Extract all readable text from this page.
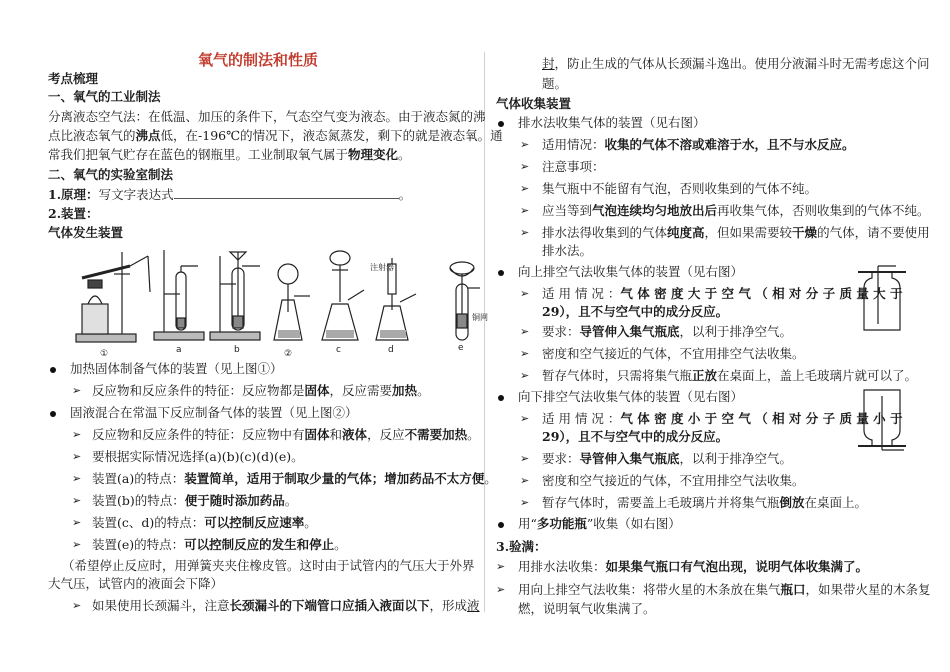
氧气的制法和性质
考点梳理
一、氧气的工业制法
分离液态空气法：在低温、加压的条件下，气态空气变为液态。由于液态氮的沸
点比液态氧气的沸点低，在-196℃的情况下，液态氮蒸发，剩下的就是液态氧。通
常我们把氧气贮存在蓝色的钢瓶里。工业制取氧气属于物理变化。
二、氧气的实验室制法
1.原理：写文字表达式	。
2.装置：
气体发生装置
①	a	b	②	c	d	e
注射器
铜网
加热固体制备气体的装置（见上图①）
➢ 反应物和反应条件的特征：反应物都是固体，反应需要加热。
固液混合在常温下反应制备气体的装置（见上图②）
➢ 反应物和反应条件的特征：反应物中有固体和液体，反应不需要加热。
➢ 要根据实际情况选择(a)(b)(c)(d)(e)。
➢ 装置(a)的特点：装置简单，适用于制取少量的气体；增加药品不太方便。
➢ 装置(b)的特点：便于随时添加药品。
➢ 装置(c、d)的特点：可以控制反应速率。
➢ 装置(e)的特点：可以控制反应的发生和停止。
（希望停止反应时，用弹簧夹夹住橡皮管。这时由于试管内的气压大于外界
大气压，试管内的液面会下降）
➢ 如果使用长颈漏斗，注意长颈漏斗的下端管口应插入液面以下，形成液
封，防止生成的气体从长颈漏斗逸出。使用分液漏斗时无需考虑这个问
题。
气体收集装置
排水法收集气体的装置（见右图）
➢ 适用情况：收集的气体不溶或难溶于水，且不与水反应。
➢ 注意事项：
➢ 集气瓶中不能留有气泡，否则收集到的气体不纯。
➢ 应当等到气泡连续均匀地放出后再收集气体，否则收集到的气体不纯。
➢ 排水法得收集到的气体纯度高，但如果需要较干燥的气体，请不要使用
排水法。
向上排空气法收集气体的装置（见右图）
➢ 适 用 情 况 ：气 体 密 度 大 于 空 气 （ 相 对 分 子 质 量 大 于
29），且不与空气中的成分反应。
➢ 要求：导管伸入集气瓶底，以利于排净空气。
➢ 密度和空气接近的气体，不宜用排空气法收集。
➢ 暂存气体时，只需将集气瓶正放在桌面上，盖上毛玻璃片就可以了。
向下排空气法收集气体的装置（见右图）
➢ 适 用 情 况 ：气 体 密 度 小 于 空 气 （ 相 对 分 子 质 量 小 于
29），且不与空气中的成分反应。
➢ 要求：导管伸入集气瓶底，以利于排净空气。
➢ 密度和空气接近的气体，不宜用排空气法收集。
➢ 暂存气体时，需要盖上毛玻璃片并将集气瓶倒放在桌面上。
用“多功能瓶”收集（如右图）
3.验满：
➢ 用排水法收集：如果集气瓶口有气泡出现，说明气体收集满了。
➢ 用向上排空气法收集：将带火星的木条放在集气瓶口，如果带火星的木条复
燃，说明氧气收集满了。
